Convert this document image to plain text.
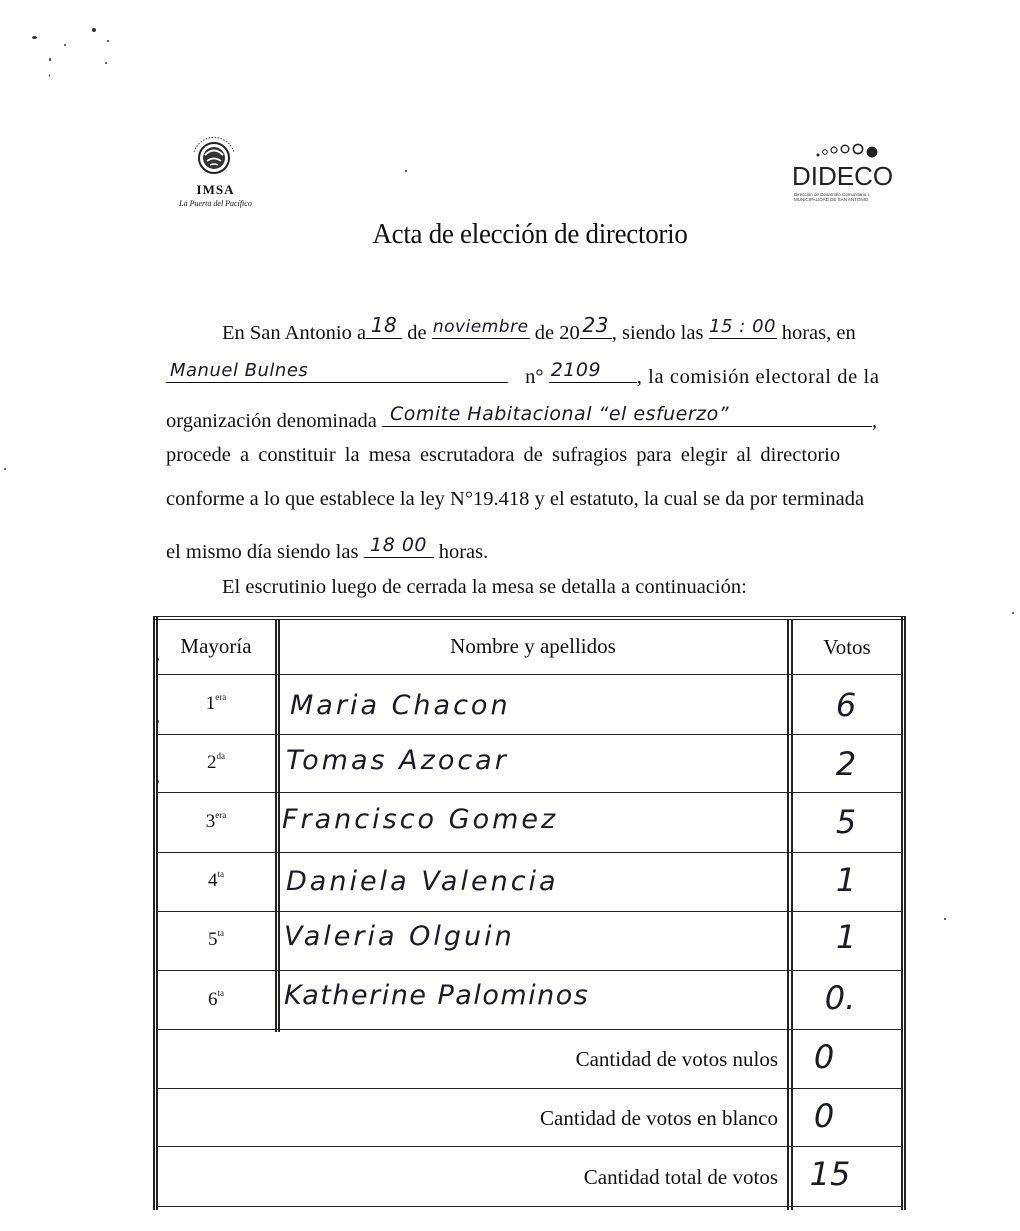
IMSA
La Puerta del Pacífico
DIDECO
Dirección de Desarrollo Comunitario I. MUNICIPALIDAD DE SAN ANTONIO
Acta de elección de directorio
En San Antonio a 18 de noviembre de 20 23 , siendo las 15 : 00 horas, en
Manuel Bulnes	n° 2109	, la comisión electoral de la
organización denominada Comite Habitacional “el esfuerzo”	,
procede a constituir la mesa escrutadora de sufragios para elegir al directorio
conforme a lo que establece la ley N°19.418 y el estatuto, la cual se da por terminada
el mismo día siendo las 18 00 horas.
El escrutinio luego de cerrada la mesa se detalla a continuación:
Mayoría	Nombre y apellidos	Votos
$1^{era}$	Maria Chacon	6
$2^{da}$	Tomas Azocar	2
$3^{era}$	Francisco Gomez	5
$4^{ta}$	Daniela Valencia	1
$5^{ta}$	Valeria Olguin	1
$6^{ta}$	Katherine Palominos	0.
Cantidad de votos nulos	0
Cantidad de votos en blanco	0
Cantidad total de votos 15
